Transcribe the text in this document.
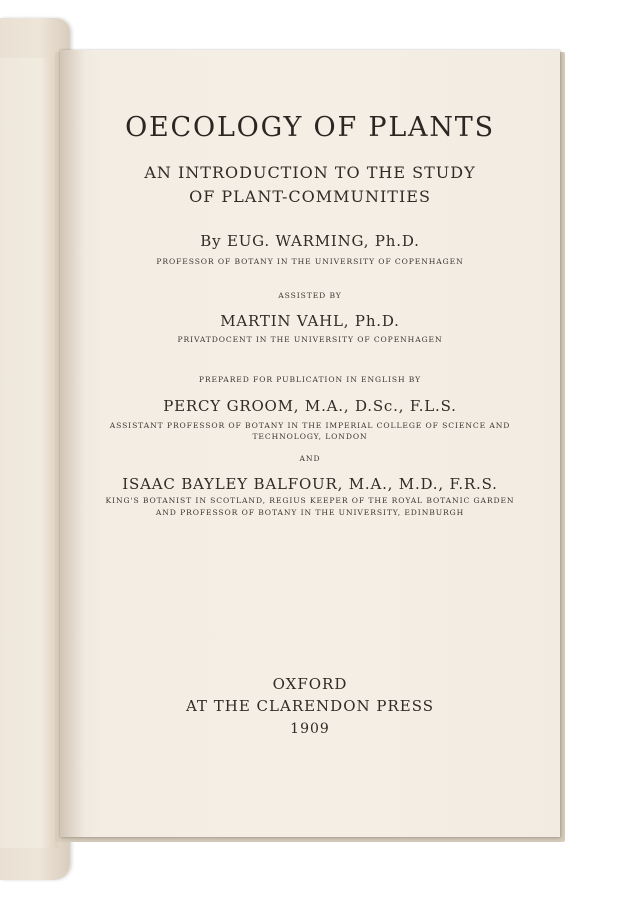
OECOLOGY OF PLANTS
AN INTRODUCTION TO THE STUDY
OF PLANT-COMMUNITIES
By EUG. WARMING, Ph.D.
PROFESSOR OF BOTANY IN THE UNIVERSITY OF COPENHAGEN
ASSISTED BY
MARTIN VAHL, Ph.D.
PRIVATDOCENT IN THE UNIVERSITY OF COPENHAGEN
PREPARED FOR PUBLICATION IN ENGLISH BY
PERCY GROOM, M.A., D.Sc., F.L.S.
ASSISTANT PROFESSOR OF BOTANY IN THE IMPERIAL COLLEGE OF SCIENCE AND
TECHNOLOGY, LONDON
AND
ISAAC BAYLEY BALFOUR, M.A., M.D., F.R.S.
KING'S BOTANIST IN SCOTLAND, REGIUS KEEPER OF THE ROYAL BOTANIC GARDEN
AND PROFESSOR OF BOTANY IN THE UNIVERSITY, EDINBURGH
OXFORD
AT THE CLARENDON PRESS
1909
